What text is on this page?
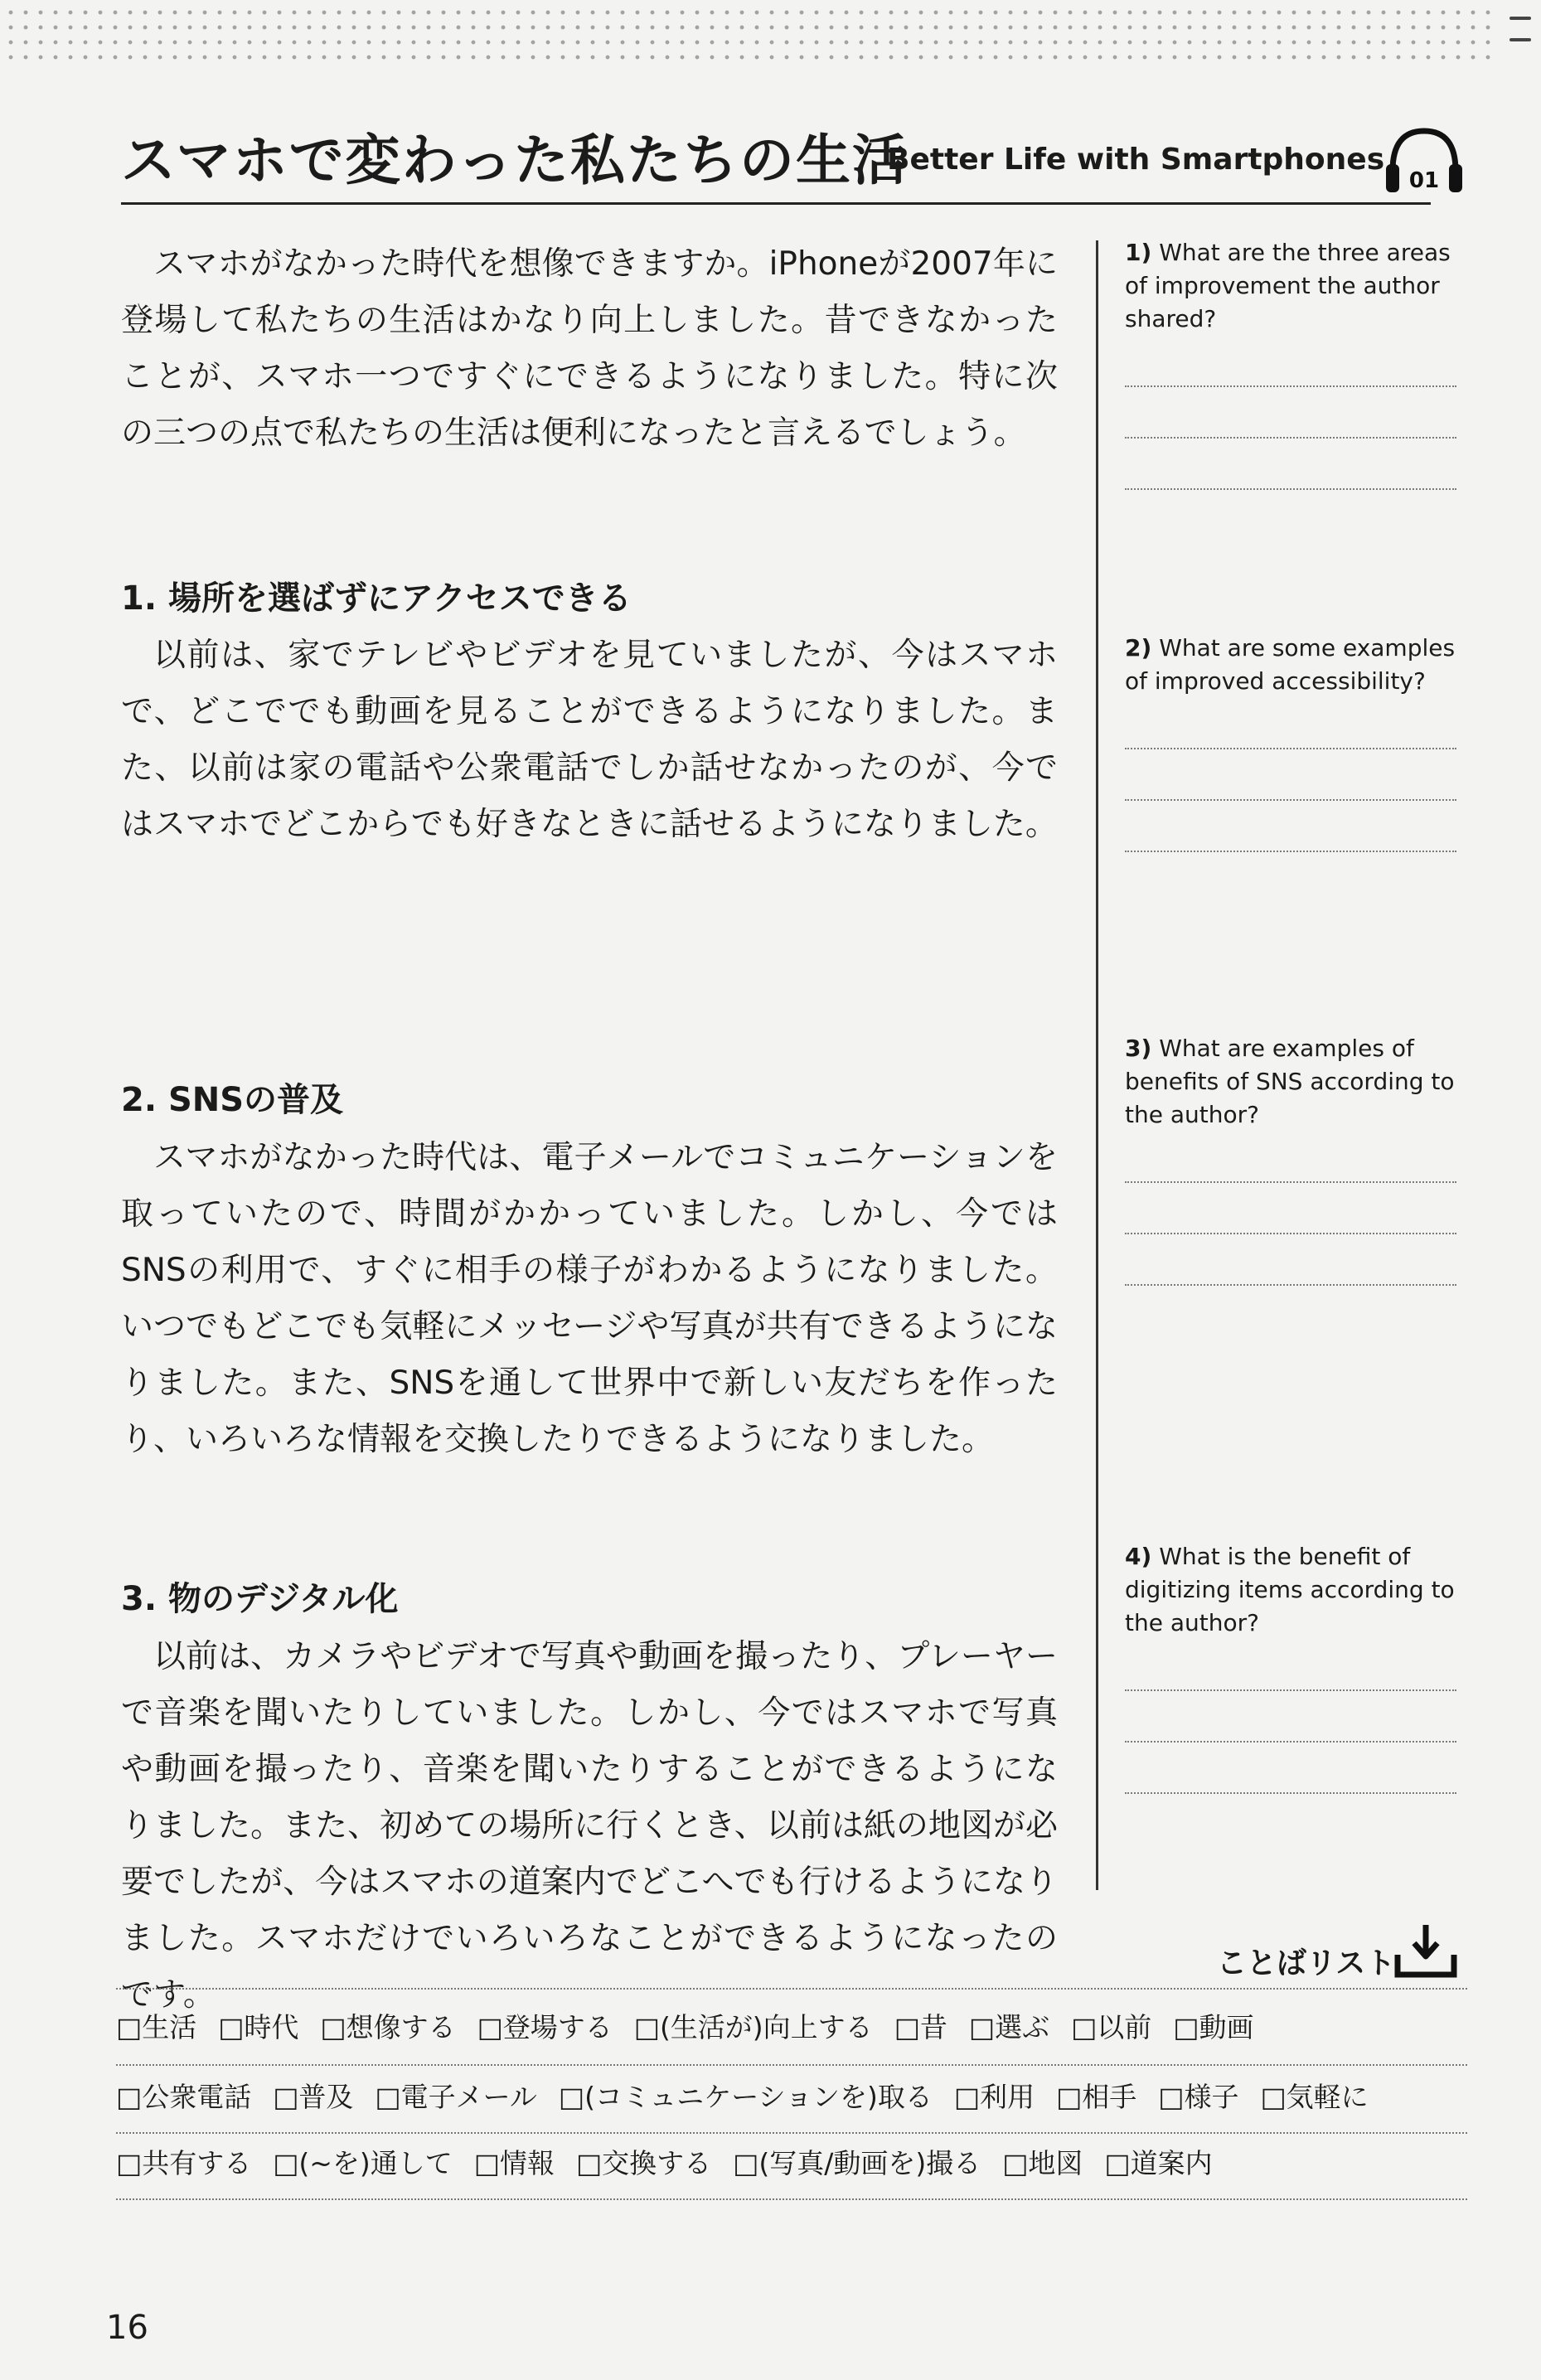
スマホで変わった私たちの生活
Better Life with Smartphones
01

スマホがなかった時代を想像できますか。iPhoneが2007年に登場して私たちの生活はかなり向上しました。昔できなかったことが、スマホ一つですぐにできるようになりました。特に次の三つの点で私たちの生活は便利になったと言えるでしょう。

1. 場所を選ばずにアクセスできる

以前は、家でテレビやビデオを見ていましたが、今はスマホで、どこででも動画を見ることができるようになりました。また、以前は家の電話や公衆電話でしか話せなかったのが、今ではスマホでどこからでも好きなときに話せるようになりました。

2. SNSの普及

スマホがなかった時代は、電子メールでコミュニケーションを取っていたので、時間がかかっていました。しかし、今ではSNSの利用で、すぐに相手の様子がわかるようになりました。いつでもどこでも気軽にメッセージや写真が共有できるようになりました。また、SNSを通して世界中で新しい友だちを作ったり、いろいろな情報を交換したりできるようになりました。

3. 物のデジタル化

以前は、カメラやビデオで写真や動画を撮ったり、プレーヤーで音楽を聞いたりしていました。しかし、今ではスマホで写真や動画を撮ったり、音楽を聞いたりすることができるようになりました。また、初めての場所に行くとき、以前は紙の地図が必要でしたが、今はスマホの道案内でどこへでも行けるようになりました。スマホだけでいろいろなことができるようになったのです。

1) What are the three areas of improvement the author shared?

2) What are some examples of improved accessibility?

3) What are examples of benefits of SNS according to the author?

4) What is the benefit of digitizing items according to the author?

ことばリスト
□生活 □時代 □想像する □登場する □(生活が)向上する □昔 □選ぶ □以前 □動画
□公衆電話 □普及 □電子メール □(コミュニケーションを)取る □利用 □相手 □様子 □気軽に
□共有する □(~を)通して □情報 □交換する □(写真/動画を)撮る □地図 □道案内
16
